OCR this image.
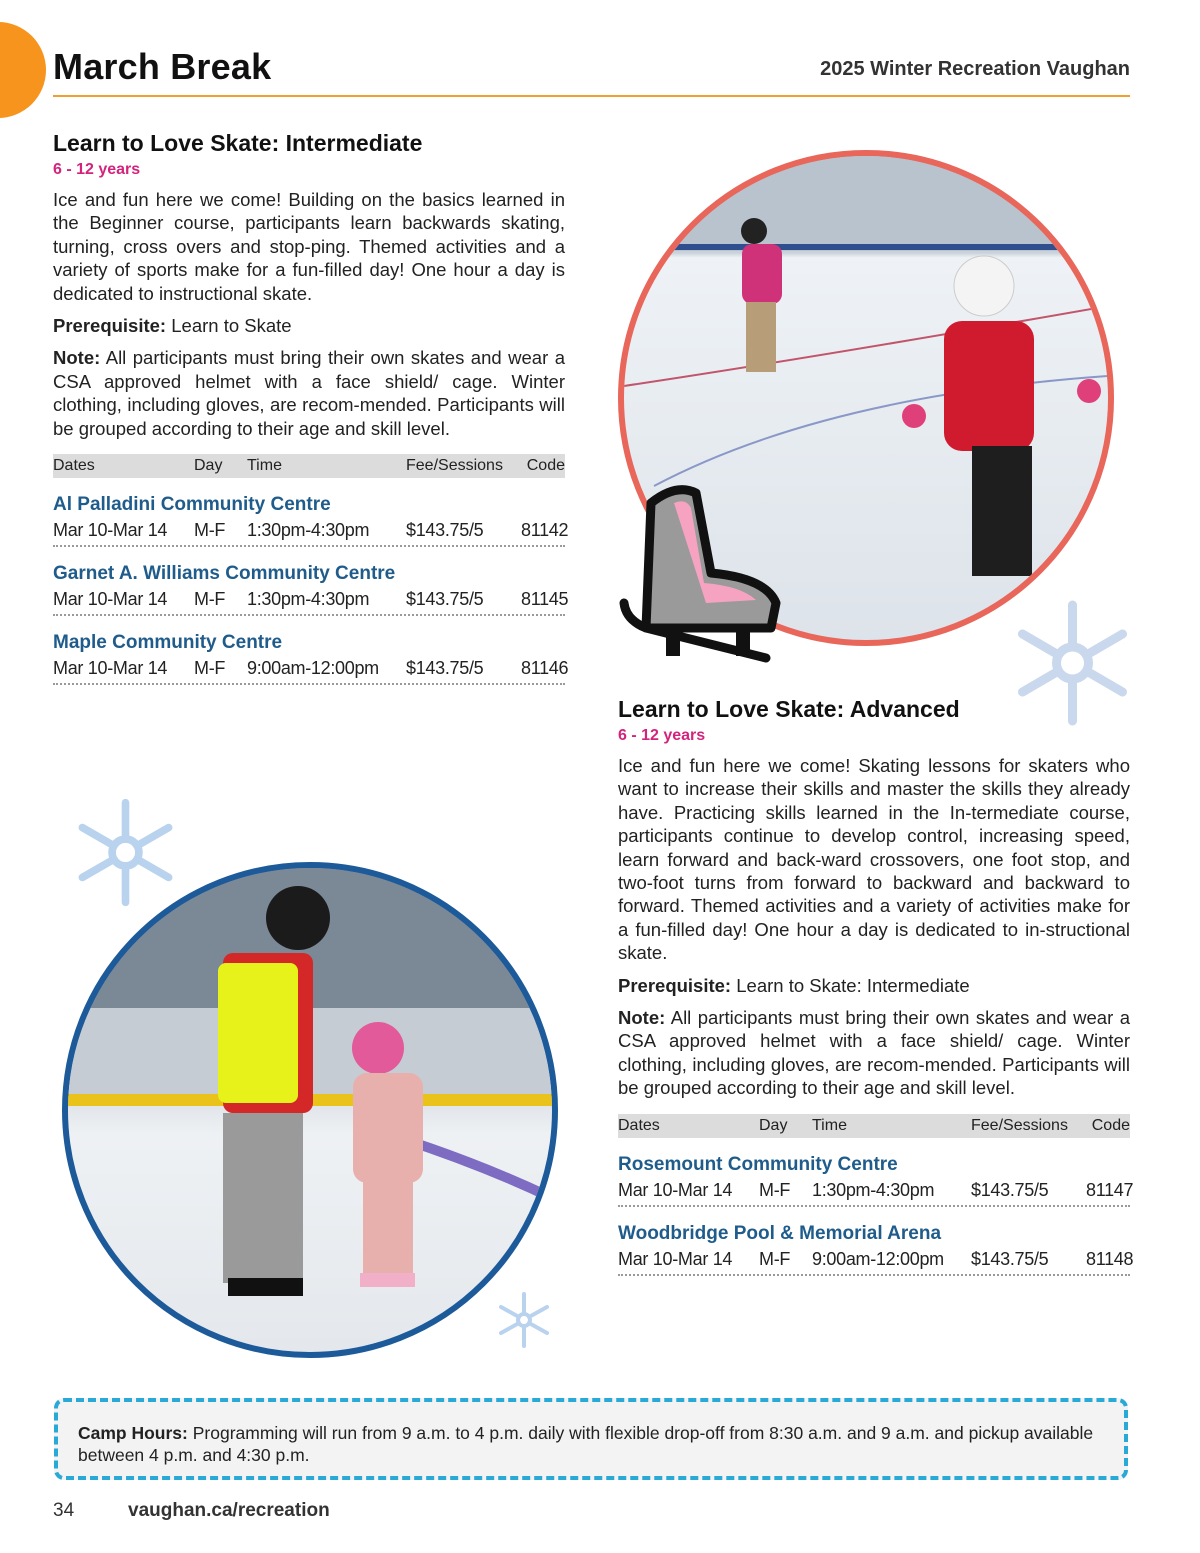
March Break	2025 Winter Recreation Vaughan
Learn to Love Skate: Intermediate
6 - 12 years

Ice and fun here we come! Building on the basics learned in the Beginner course, participants learn backwards skating, turning, cross overs and stop-ping. Themed activities and a variety of sports make for a fun-filled day! One hour a day is dedicated to instructional skate.

Prerequisite: Learn to Skate

Note: All participants must bring their own skates and wear a CSA approved helmet with a face shield/ cage. Winter clothing, including gloves, are recom-mended. Participants will be grouped according to their age and skill level.

Dates	Day	Time	Fee/Sessions	Code
Al Palladini Community Centre
Mar 10-Mar 14	M-F	1:30pm-4:30pm	$143.75/5	81142
Garnet A. Williams Community Centre
Mar 10-Mar 14	M-F	1:30pm-4:30pm	$143.75/5	81145
Maple Community Centre
Mar 10-Mar 14	M-F	9:00am-12:00pm	$143.75/5	81146
Learn to Love Skate: Advanced
6 - 12 years

Ice and fun here we come! Skating lessons for skaters who want to increase their skills and master the skills they already have. Practicing skills learned in the In-termediate course, participants continue to develop control, increasing speed, learn forward and back-ward crossovers, one foot stop, and two-foot turns from forward to backward and backward to forward. Themed activities and a variety of activities make for a fun-filled day! One hour a day is dedicated to in-structional skate.

Prerequisite: Learn to Skate: Intermediate

Note: All participants must bring their own skates and wear a CSA approved helmet with a face shield/ cage. Winter clothing, including gloves, are recom-mended. Participants will be grouped according to their age and skill level.

Dates	Day	Time	Fee/Sessions	Code
Rosemount Community Centre
Mar 10-Mar 14	M-F	1:30pm-4:30pm	$143.75/5	81147
Woodbridge Pool & Memorial Arena
Mar 10-Mar 14	M-F	9:00am-12:00pm	$143.75/5	81148
Camp Hours: Programming will run from 9 a.m. to 4 p.m. daily with flexible drop-off from 8:30 a.m. and 9 a.m. and pickup available between 4 p.m. and 4:30 p.m.
34	vaughan.ca/recreation
